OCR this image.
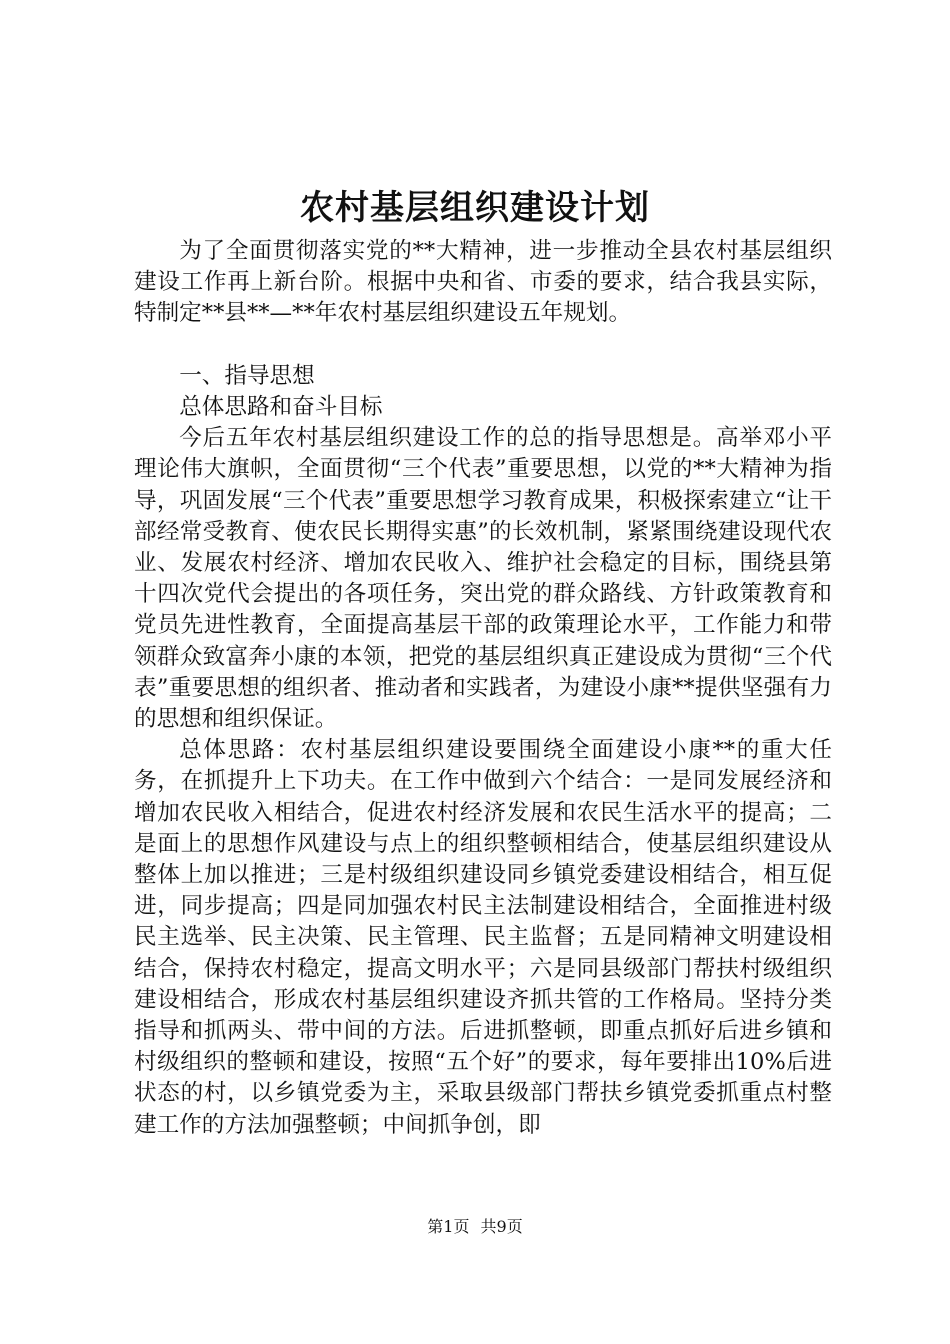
农村基层组织建设计划

为了全面贯彻落实党的**大精神，进一步推动全县农村基层组织建设工作再上新台阶。根据中央和省、市委的要求，结合我县实际，特制定**县**—**年农村基层组织建设五年规划。

一、指导思想

总体思路和奋斗目标

今后五年农村基层组织建设工作的总的指导思想是。高举邓小平理论伟大旗帜，全面贯彻“三个代表”重要思想，以党的**大精神为指导，巩固发展“三个代表”重要思想学习教育成果，积极探索建立“让干部经常受教育、使农民长期得实惠”的长效机制，紧紧围绕建设现代农业、发展农村经济、增加农民收入、维护社会稳定的目标，围绕县第十四次党代会提出的各项任务，突出党的群众路线、方针政策教育和党员先进性教育，全面提高基层干部的政策理论水平，工作能力和带领群众致富奔小康的本领，把党的基层组织真正建设成为贯彻“三个代表”重要思想的组织者、推动者和实践者，为建设小康**提供坚强有力的思想和组织保证。

总体思路：农村基层组织建设要围绕全面建设小康**的重大任务，在抓提升上下功夫。在工作中做到六个结合：一是同发展经济和增加农民收入相结合，促进农村经济发展和农民生活水平的提高；二是面上的思想作风建设与点上的组织整顿相结合，使基层组织建设从整体上加以推进；三是村级组织建设同乡镇党委建设相结合，相互促进，同步提高；四是同加强农村民主法制建设相结合，全面推进村级民主选举、民主决策、民主管理、民主监督；五是同精神文明建设相结合，保持农村稳定，提高文明水平；六是同县级部门帮扶村级组织建设相结合，形成农村基层组织建设齐抓共管的工作格局。坚持分类指导和抓两头、带中间的方法。后进抓整顿，即重点抓好后进乡镇和村级组织的整顿和建设，按照“五个好”的要求，每年要排出10%后进状态的村，以乡镇党委为主，采取县级部门帮扶乡镇党委抓重点村整建工作的方法加强整顿；中间抓争创，即

第1页 共9页
